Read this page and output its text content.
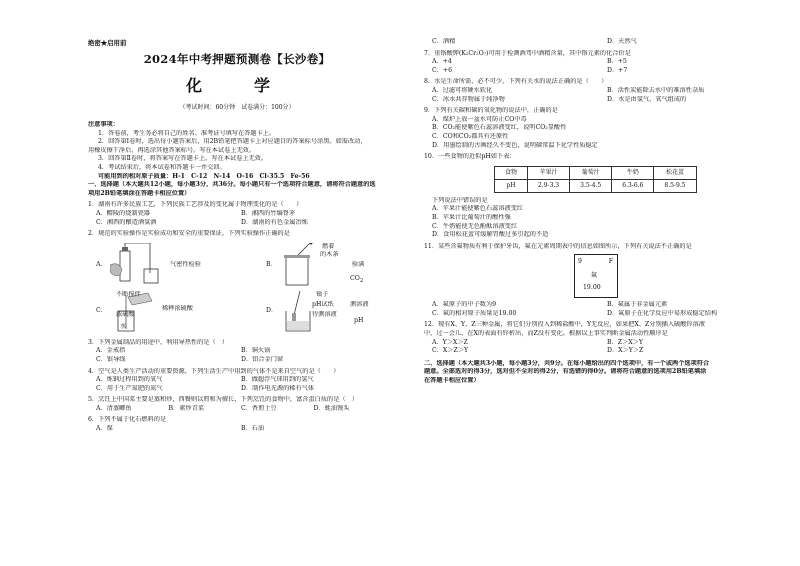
绝密★启用前
2024年中考押题预测卷【长沙卷】
化　学
（考试时间：60分钟　试卷满分：100分）
注意事项：
1．答卷前，考生务必将自己的姓名、准考证号填写在答题卡上。
2．回答第Ⅰ卷时，选出每小题答案后，用2B铅笔把答题卡上对应题目的答案标号涂黑。如需改动，
用橡皮擦干净后，再选涂其他答案标号。写在本试卷上无效。
3．回答第Ⅱ卷时，将答案写在答题卡上。写在本试卷上无效。
4．考试结束后，将本试卷和答题卡一并交回。
可能用到的相对原子质量：H-1　C-12　N-14　O-16　Cl-35.5　Fe-56
一、选择题（本大题共12小题，每小题3分，共36分。每小题只有一个选项符合题意，请将符合题意的选
项用2B铅笔填涂在答题卡相应位置）
1．湖南有许多民族工艺，下列民族工艺涉及的变化属于物理变化的是（　　）
A．醴陵的烧制瓷器	B．湘西的竹编脊茅
C．湘西的酿造酒氢酒	D．湖南的有色金属冶炼
2．规范的实验操作是实验成功和安全的重要保证。下列实验操作正确的是
A．	气密性检验	B．
燃着
的木条
验满
$CO_2$
C．
不断搅拌
浓硫酸
水
稀释浓硫酸	D．
镊子
pH试纸
待测溶液
测溶液
pH
3．下列金属制品的用途中，利用导热性的是（　）
A．金戒指	B．铜火锅
C．银导线	D．铝合金门窗
4．空气是人类生产活动的重要资源，下列生活生产中用到的气体不是来自空气的是（　　）
A．炼钢过程用到的氧气	B．做超浮气球用到的氢气
C．用于生产氮肥的氮气	D．制作电光源的稀有气体
5．烹饪上中国菜主要是蒸和炒，西餐则以煎和为擅长，下列烹饪的食物中，富含蛋白质的是（　）
A．清蒸鲫鱼	B．素炒青菜	C．香煎土豆	D．蚝油馒头
6．下列不属于化石燃料的是
A．煤	B．石油
C．酒精	D．天然气
7．重铬酸钾(K₂Cr₂O₇)可用于检测酒驾中酒精含量，其中铬元素的化合价是
A．+4	B．+5
C．+6	D．+7
8．水是生命所需，必不可少。下列有关水的说法正确的是（　　）
A．过滤可将硬水软化	B．活性炭能除去水中的难溶性杂质
C．冰水共存物属于纯净物	D．水是由氢气、氧气组成的
9．下列有关碳和碳的氧化物的说法中，正确的是
A．煤炉上放一盆水可防止CO中毒
B．CO₂能使紫色石蕊溶液变红，说明CO₂显酸性
C．CO和CO₂都具有还原性
D．用墨绘制的古画经久不变色，说明碳常温下化学性质稳定
10．一些食物的近似pH如下表：
食物	苹果汁	葡萄汁	牛奶	松花蛋
pH	2.9-3.3	3.5-4.5	6.3-6.6	8.5-9.5
下列说法中错误的是
A．苹果汁能使紫色石蕊溶液变红
B．苹果汁比葡萄汁的酸性强
C．牛奶能使无色酚酞溶液变红
D．食用松花蛋可缓解胃酸过多引起的不适
11．某些含氟物质有利于保护牙齿，氟在元素周期表中的信息如图所示，下列有关说法不正确的是
9	F
氟
19.00
A．氟原子的中子数为9	B．氟属于非金属元素
C．氟的相对原子质量是19.00	D．氟原子在化学反应中易形成稳定结构
12．现有X、Y、Z三种金属，将它们分别投入到稀盐酸中，Y无反应，如果把X、Z分别插入硫酸锌溶液
中，过一会儿，在X的表面有锌析出，而Z没有变化。根据以上事实判断金属活动性顺序是
A．Y＞X＞Z	B．Z＞X＞Y
C．X＞Z＞Y	D．X＞Y＞Z
二、选择题（本大题共3小题，每小题3分，共9分。在每小题给出的四个选项中，有一个或两个选项符合
题意。全部选对的得3分，选对但不全对的得2分，有选错的得0分。请将符合题意的选项用2B铅笔填涂
在答题卡相应位置）
